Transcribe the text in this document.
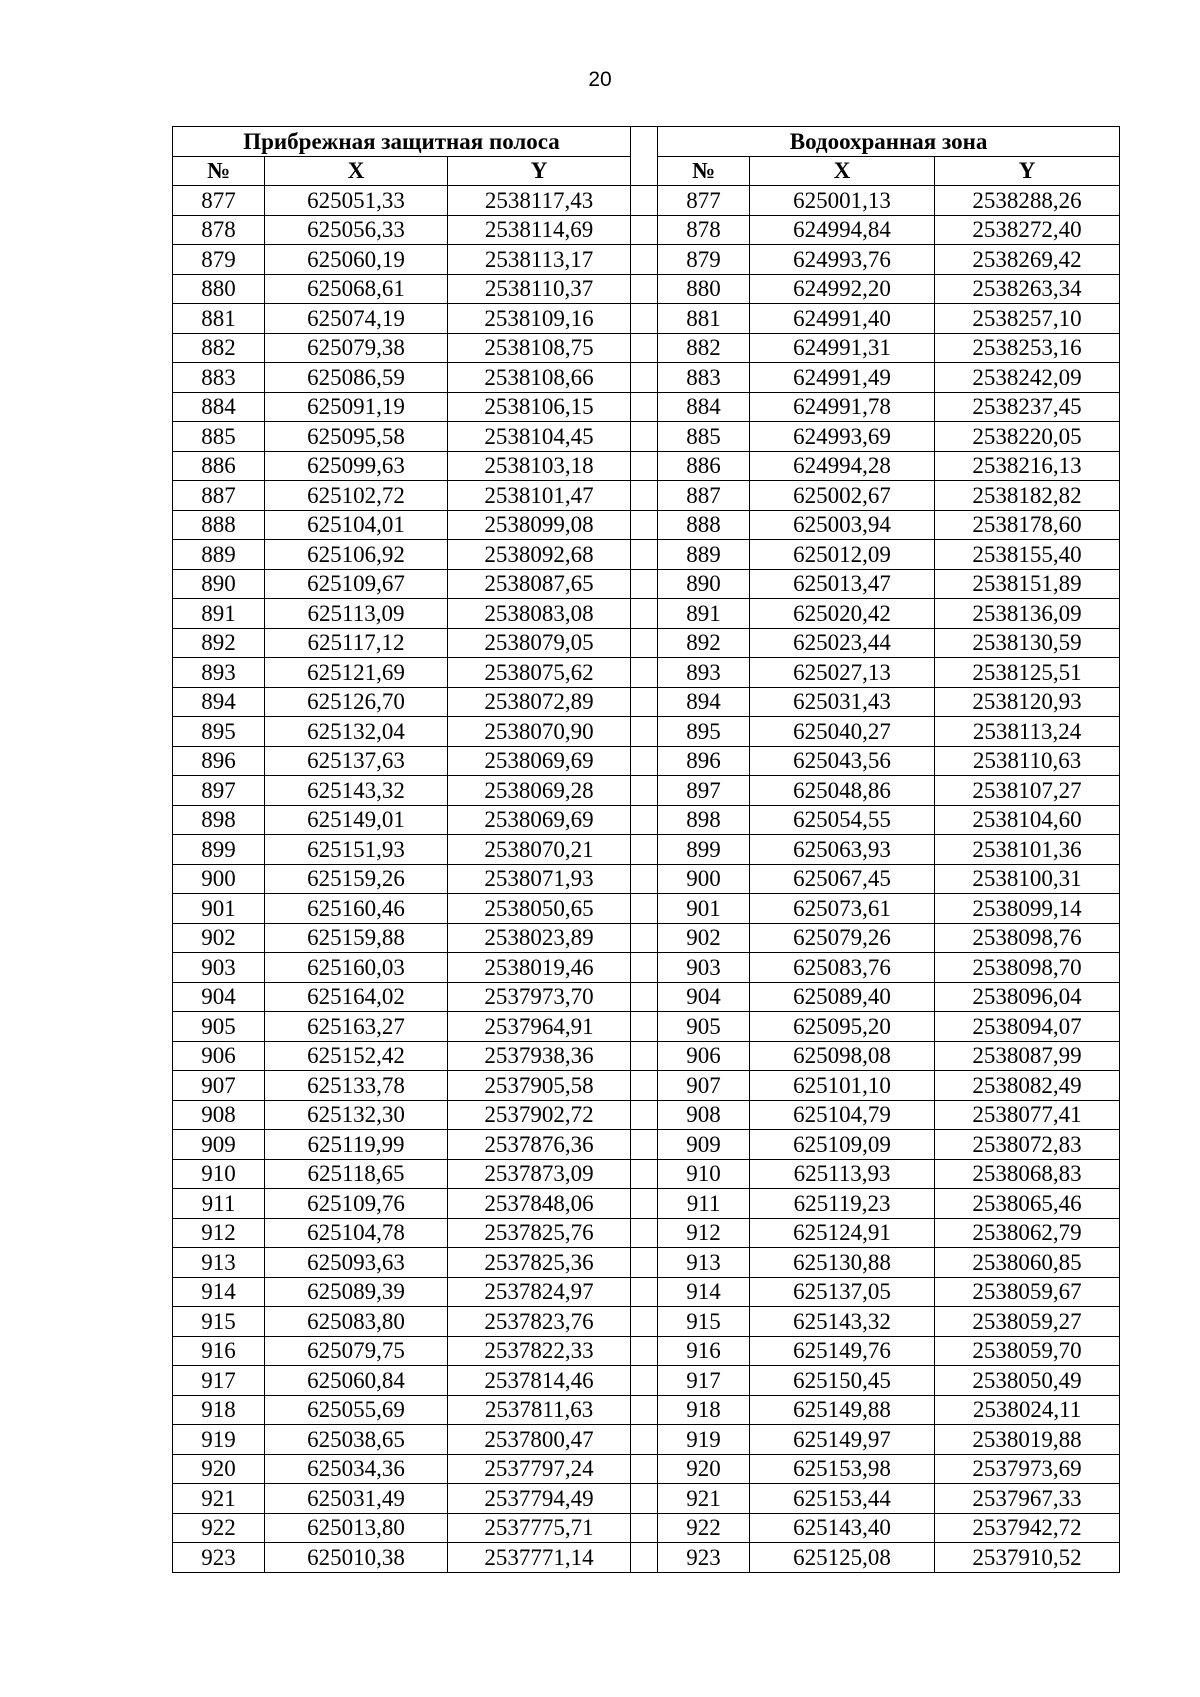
20
Прибрежная защитная полоса				Водоохранная зона		
№	X	Y		№	X	Y
877	625051,33	2538117,43		877	625001,13	2538288,26
878	625056,33	2538114,69		878	624994,84	2538272,40
879	625060,19	2538113,17		879	624993,76	2538269,42
880	625068,61	2538110,37		880	624992,20	2538263,34
881	625074,19	2538109,16		881	624991,40	2538257,10
882	625079,38	2538108,75		882	624991,31	2538253,16
883	625086,59	2538108,66		883	624991,49	2538242,09
884	625091,19	2538106,15		884	624991,78	2538237,45
885	625095,58	2538104,45		885	624993,69	2538220,05
886	625099,63	2538103,18		886	624994,28	2538216,13
887	625102,72	2538101,47		887	625002,67	2538182,82
888	625104,01	2538099,08		888	625003,94	2538178,60
889	625106,92	2538092,68		889	625012,09	2538155,40
890	625109,67	2538087,65		890	625013,47	2538151,89
891	625113,09	2538083,08		891	625020,42	2538136,09
892	625117,12	2538079,05		892	625023,44	2538130,59
893	625121,69	2538075,62		893	625027,13	2538125,51
894	625126,70	2538072,89		894	625031,43	2538120,93
895	625132,04	2538070,90		895	625040,27	2538113,24
896	625137,63	2538069,69		896	625043,56	2538110,63
897	625143,32	2538069,28		897	625048,86	2538107,27
898	625149,01	2538069,69		898	625054,55	2538104,60
899	625151,93	2538070,21		899	625063,93	2538101,36
900	625159,26	2538071,93		900	625067,45	2538100,31
901	625160,46	2538050,65		901	625073,61	2538099,14
902	625159,88	2538023,89		902	625079,26	2538098,76
903	625160,03	2538019,46		903	625083,76	2538098,70
904	625164,02	2537973,70		904	625089,40	2538096,04
905	625163,27	2537964,91		905	625095,20	2538094,07
906	625152,42	2537938,36		906	625098,08	2538087,99
907	625133,78	2537905,58		907	625101,10	2538082,49
908	625132,30	2537902,72		908	625104,79	2538077,41
909	625119,99	2537876,36		909	625109,09	2538072,83
910	625118,65	2537873,09		910	625113,93	2538068,83
911	625109,76	2537848,06		911	625119,23	2538065,46
912	625104,78	2537825,76		912	625124,91	2538062,79
913	625093,63	2537825,36		913	625130,88	2538060,85
914	625089,39	2537824,97		914	625137,05	2538059,67
915	625083,80	2537823,76		915	625143,32	2538059,27
916	625079,75	2537822,33		916	625149,76	2538059,70
917	625060,84	2537814,46		917	625150,45	2538050,49
918	625055,69	2537811,63		918	625149,88	2538024,11
919	625038,65	2537800,47		919	625149,97	2538019,88
920	625034,36	2537797,24		920	625153,98	2537973,69
921	625031,49	2537794,49		921	625153,44	2537967,33
922	625013,80	2537775,71		922	625143,40	2537942,72
923	625010,38	2537771,14		923	625125,08	2537910,52
